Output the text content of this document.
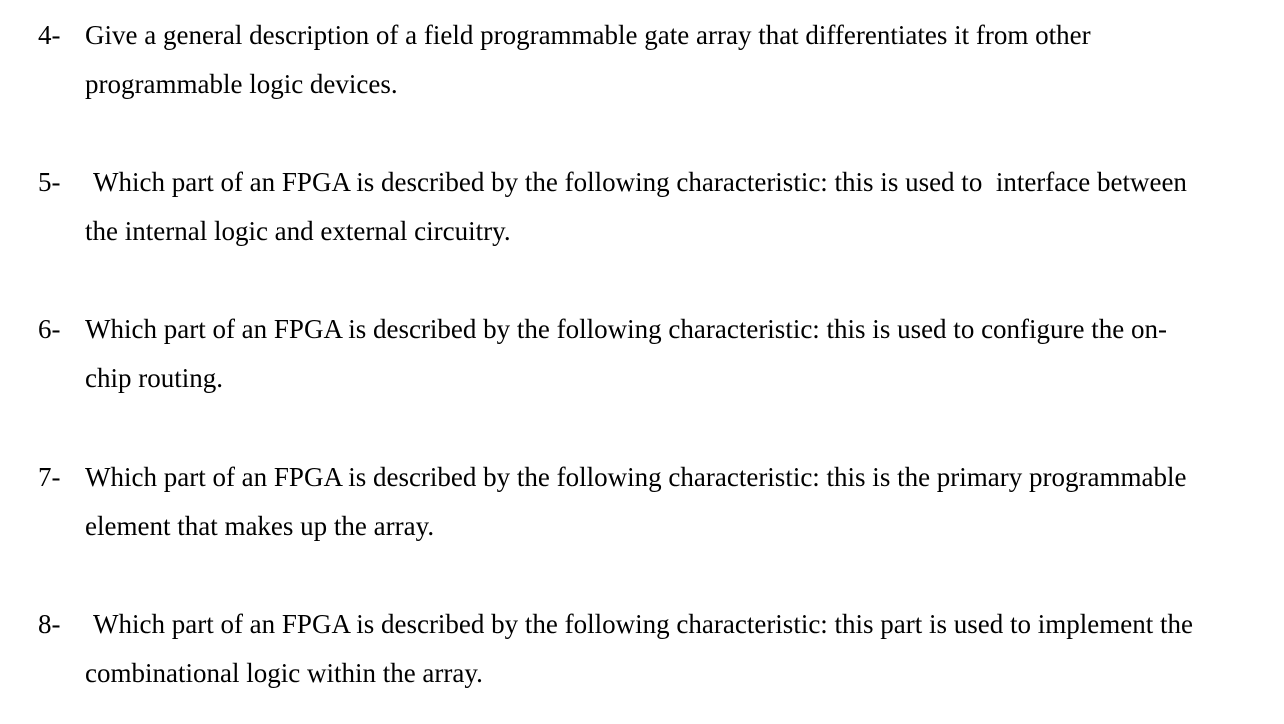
4- Give a general description of a field programmable gate array that differentiates it from other
programmable logic devices.
5- Which part of an FPGA is described by the following characteristic: this is used to  interface between
the internal logic and external circuitry.
6- Which part of an FPGA is described by the following characteristic: this is used to configure the on-
chip routing.
7- Which part of an FPGA is described by the following characteristic: this is the primary programmable
element that makes up the array.
8- Which part of an FPGA is described by the following characteristic: this part is used to implement the
combinational logic within the array.
